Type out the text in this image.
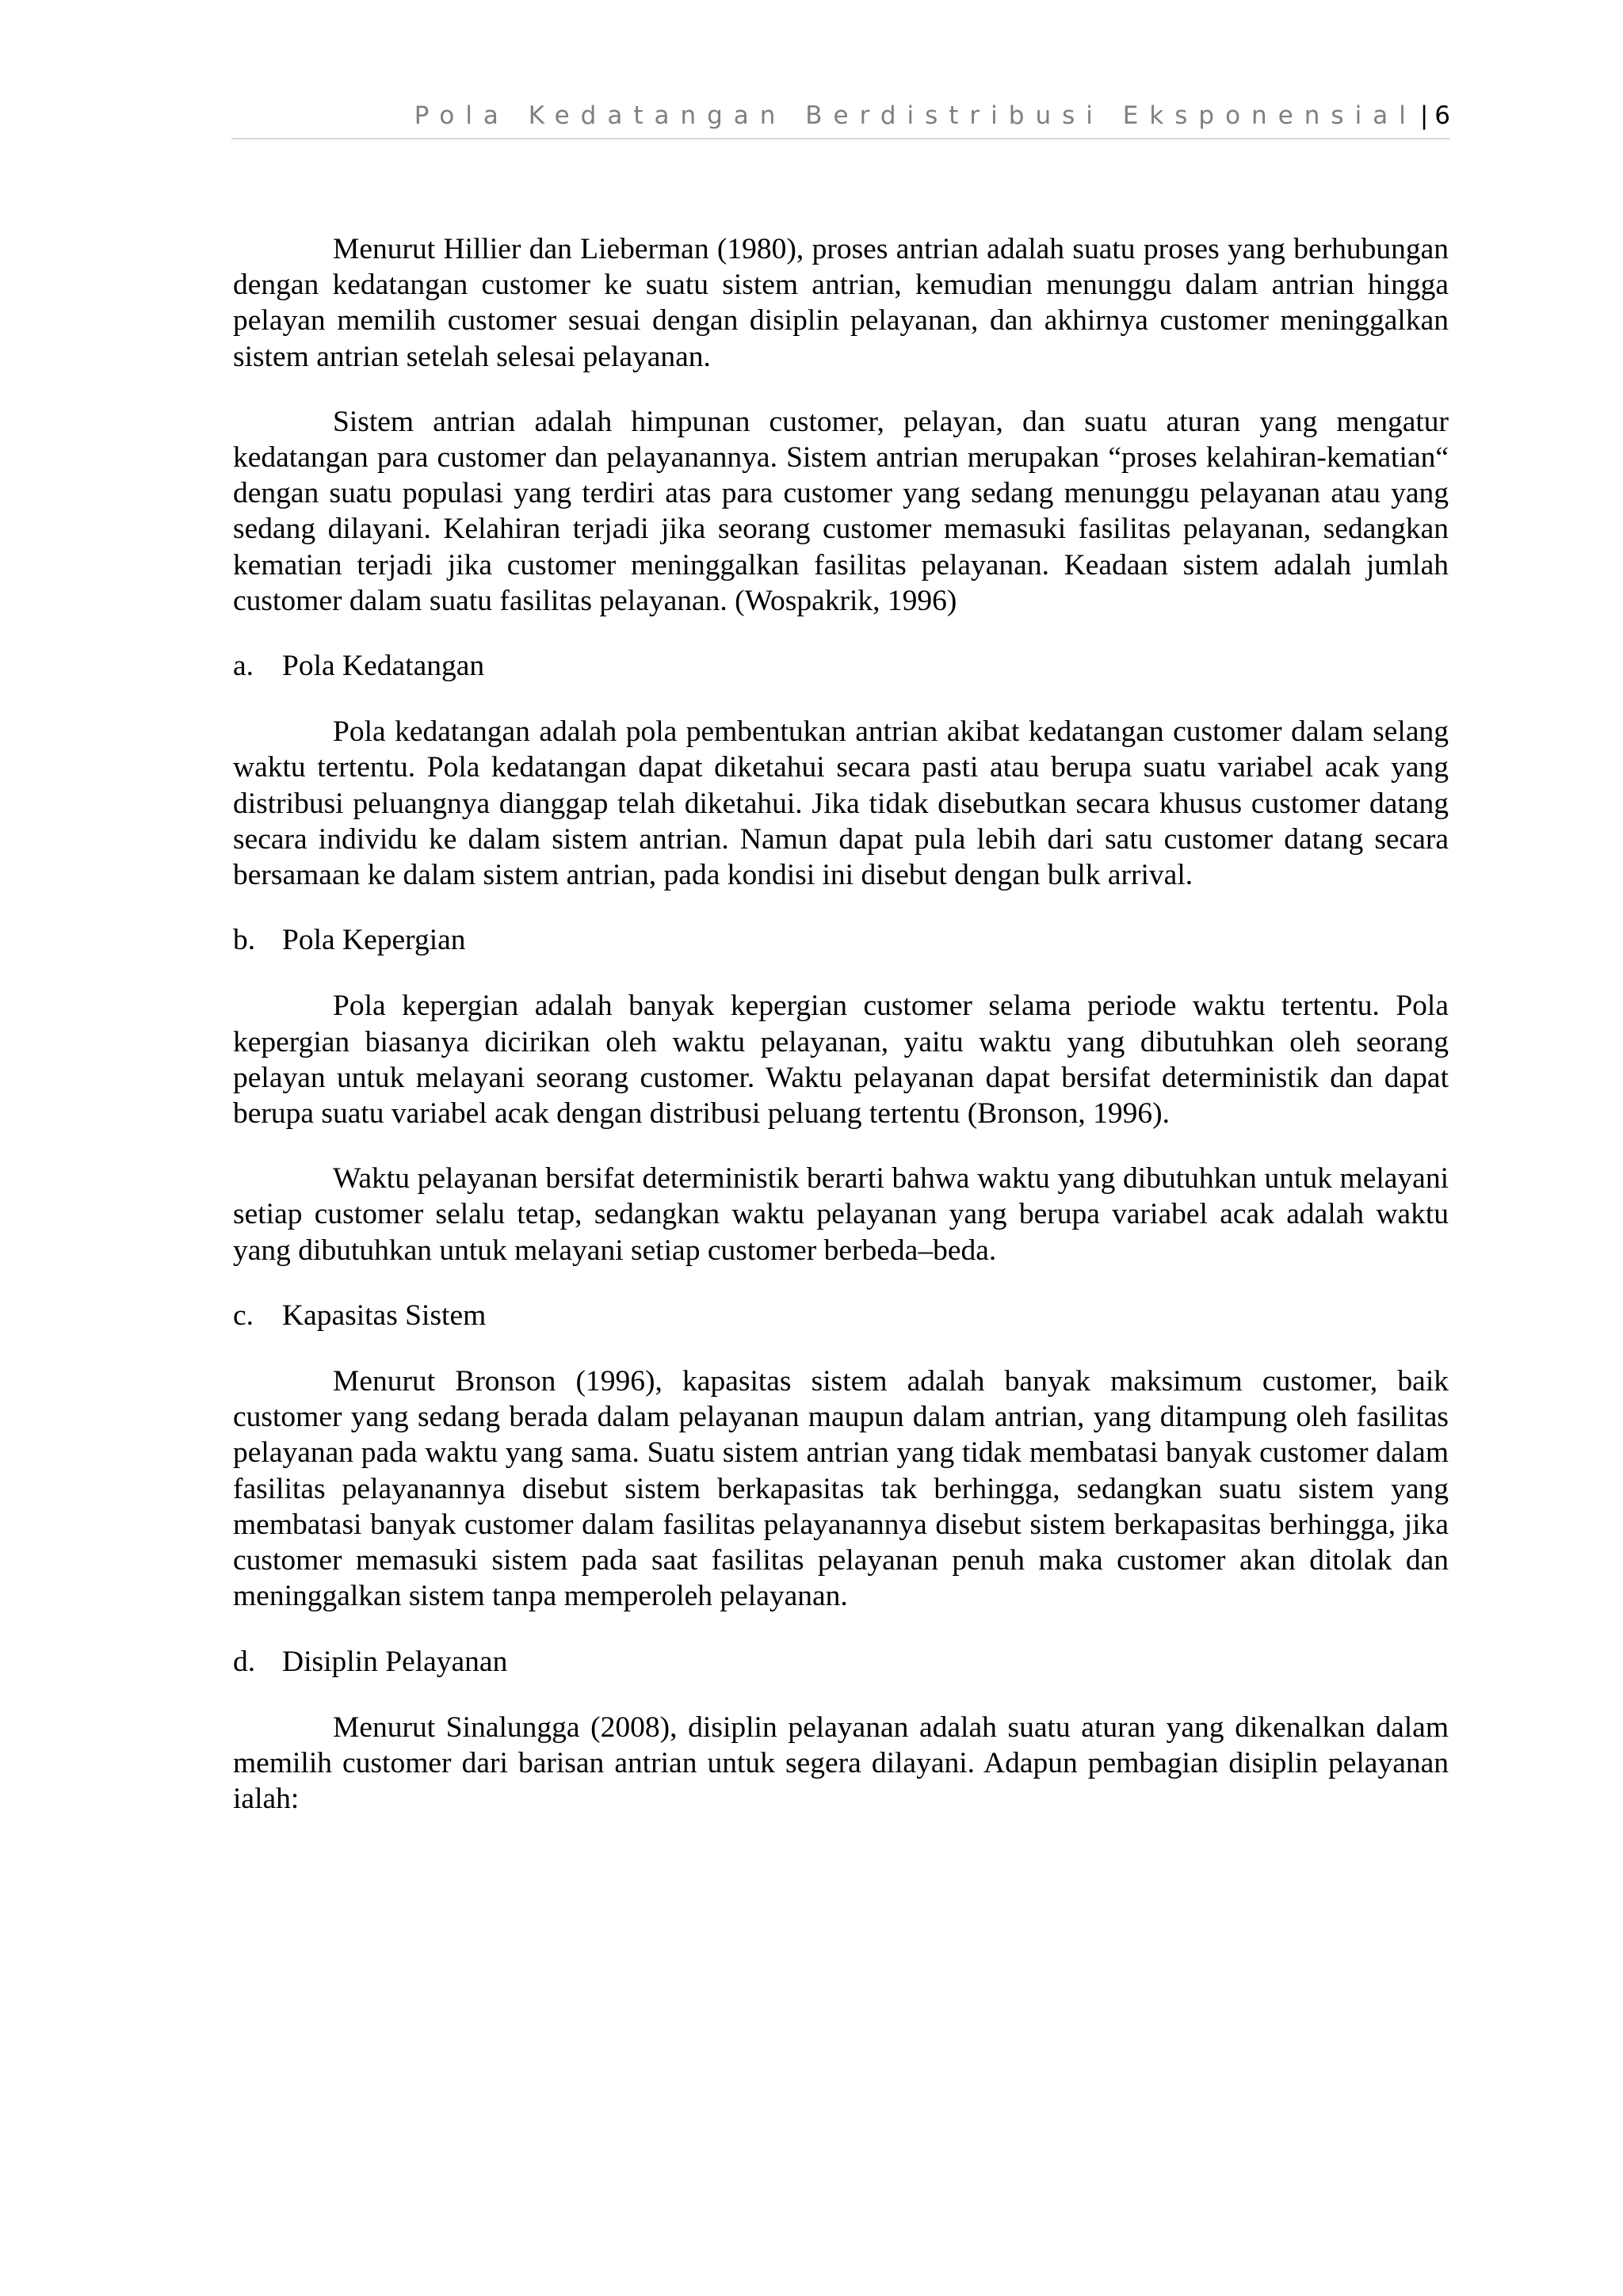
Pola Kedatangan Berdistribusi Eksponensial | 6

Menurut Hillier dan Lieberman (1980), proses antrian adalah suatu proses yang berhubungan dengan kedatangan customer ke suatu sistem antrian, kemudian menunggu dalam antrian hingga pelayan memilih customer sesuai dengan disiplin pelayanan, dan akhirnya customer meninggalkan sistem antrian setelah selesai pelayanan.

Sistem antrian adalah himpunan customer, pelayan, dan suatu aturan yang mengatur kedatangan para customer dan pelayanannya. Sistem antrian merupakan “proses kelahiran-kematian“ dengan suatu populasi yang terdiri atas para customer yang sedang menunggu pelayanan atau yang sedang dilayani. Kelahiran terjadi jika seorang customer memasuki fasilitas pelayanan, sedangkan kematian terjadi jika customer meninggalkan fasilitas pelayanan. Keadaan sistem adalah jumlah customer dalam suatu fasilitas pelayanan. (Wospakrik, 1996)

a. Pola Kedatangan

Pola kedatangan adalah pola pembentukan antrian akibat kedatangan customer dalam selang waktu tertentu. Pola kedatangan dapat diketahui secara pasti atau berupa suatu variabel acak yang distribusi peluangnya dianggap telah diketahui. Jika tidak disebutkan secara khusus customer datang secara individu ke dalam sistem antrian. Namun dapat pula lebih dari satu customer datang secara bersamaan ke dalam sistem antrian, pada kondisi ini disebut dengan bulk arrival.

b. Pola Kepergian

Pola kepergian adalah banyak kepergian customer selama periode waktu tertentu. Pola kepergian biasanya dicirikan oleh waktu pelayanan, yaitu waktu yang dibutuhkan oleh seorang pelayan untuk melayani seorang customer. Waktu pelayanan dapat bersifat deterministik dan dapat berupa suatu variabel acak dengan distribusi peluang tertentu (Bronson, 1996).

Waktu pelayanan bersifat deterministik berarti bahwa waktu yang dibutuhkan untuk melayani setiap customer selalu tetap, sedangkan waktu pelayanan yang berupa variabel acak adalah waktu yang dibutuhkan untuk melayani setiap customer berbeda–beda.

c. Kapasitas Sistem

Menurut Bronson (1996), kapasitas sistem adalah banyak maksimum customer, baik customer yang sedang berada dalam pelayanan maupun dalam antrian, yang ditampung oleh fasilitas pelayanan pada waktu yang sama. Suatu sistem antrian yang tidak membatasi banyak customer dalam fasilitas pelayanannya disebut sistem berkapasitas tak berhingga, sedangkan suatu sistem yang membatasi banyak customer dalam fasilitas pelayanannya disebut sistem berkapasitas berhingga, jika customer memasuki sistem pada saat fasilitas pelayanan penuh maka customer akan ditolak dan meninggalkan sistem tanpa memperoleh pelayanan.

d. Disiplin Pelayanan

Menurut Sinalungga (2008), disiplin pelayanan adalah suatu aturan yang dikenalkan dalam memilih customer dari barisan antrian untuk segera dilayani. Adapun pembagian disiplin pelayanan ialah:
